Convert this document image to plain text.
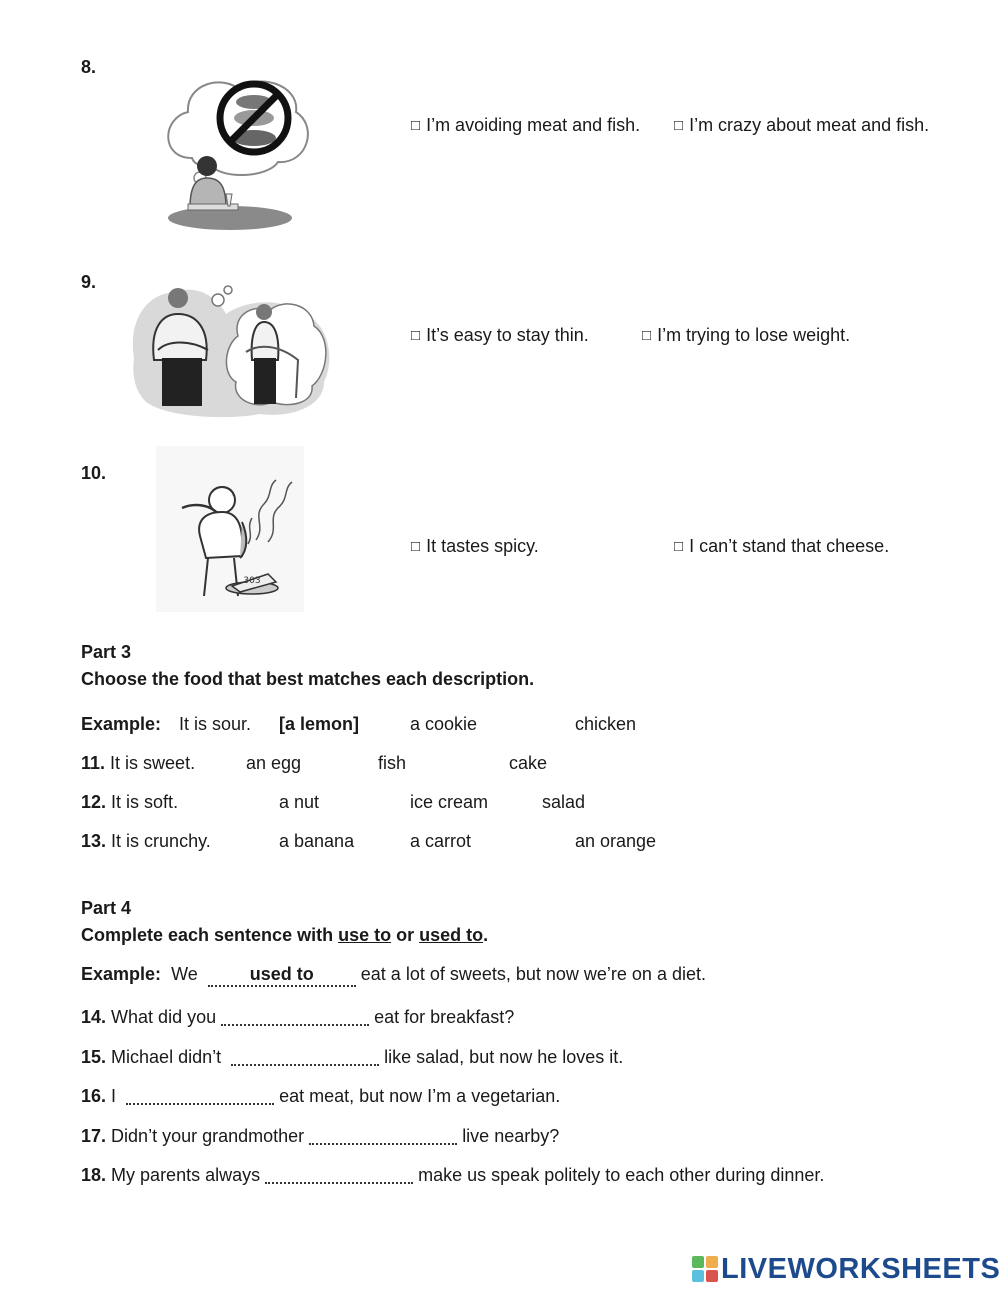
8.
□ I’m avoiding meat and fish. □ I’m crazy about meat and fish.
9.
□ It’s easy to stay thin.	□ I’m trying to lose weight.
10.
303
□ It tastes spicy.	□ I can’t stand that cheese.
Part 3
Choose the food that best matches each description.
Example: It is sour. [a lemon]	a cookie	chicken
11. It is sweet.	an egg	fish	cake
12. It is soft.	a nut	ice cream	salad
13. It is crunchy.	a banana	a carrot	an orange
Part 4
Complete each sentence with use to or used to.
Example: We	used to	eat a lot of sweets, but now we’re on a diet.
14. What did you	eat for breakfast?
15. Michael didn’t	like salad, but now he loves it.
16. I	eat meat, but now I’m a vegetarian.
17. Didn’t your grandmother	live nearby?
18. My parents always	make us speak politely to each other during dinner.
LIVEWORKSHEETS
